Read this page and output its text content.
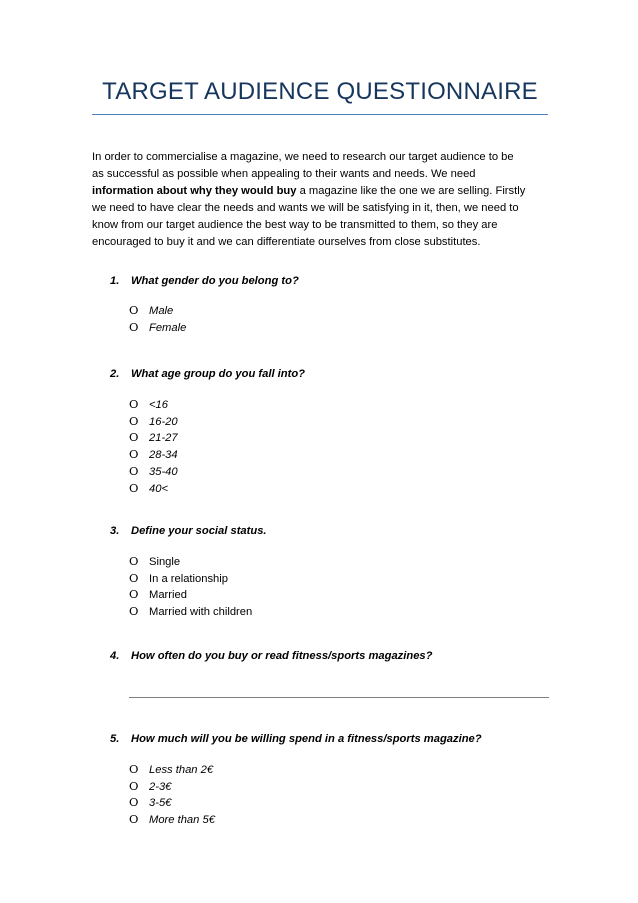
TARGET AUDIENCE QUESTIONNAIRE
In order to commercialise a magazine, we need to research our target audience to be
as successful as possible when appealing to their wants and needs. We need
information about why they would buy a magazine like the one we are selling. Firstly
we need to have clear the needs and wants we will be satisfying in it, then, we need to
know from our target audience the best way to be transmitted to them, so they are
encouraged to buy it and we can differentiate ourselves from close substitutes.
1. What gender do you belong to?
O Male
O Female
2. What age group do you fall into?
O <16
O 16-20
O 21-27
O 28-34
O 35-40
O 40<
3. Define your social status.
O Single
O In a relationship
O Married
O Married with children
4. How often do you buy or read fitness/sports magazines?
5. How much will you be willing spend in a fitness/sports magazine?
O Less than 2€
O 2-3€
O 3-5€
O More than 5€
